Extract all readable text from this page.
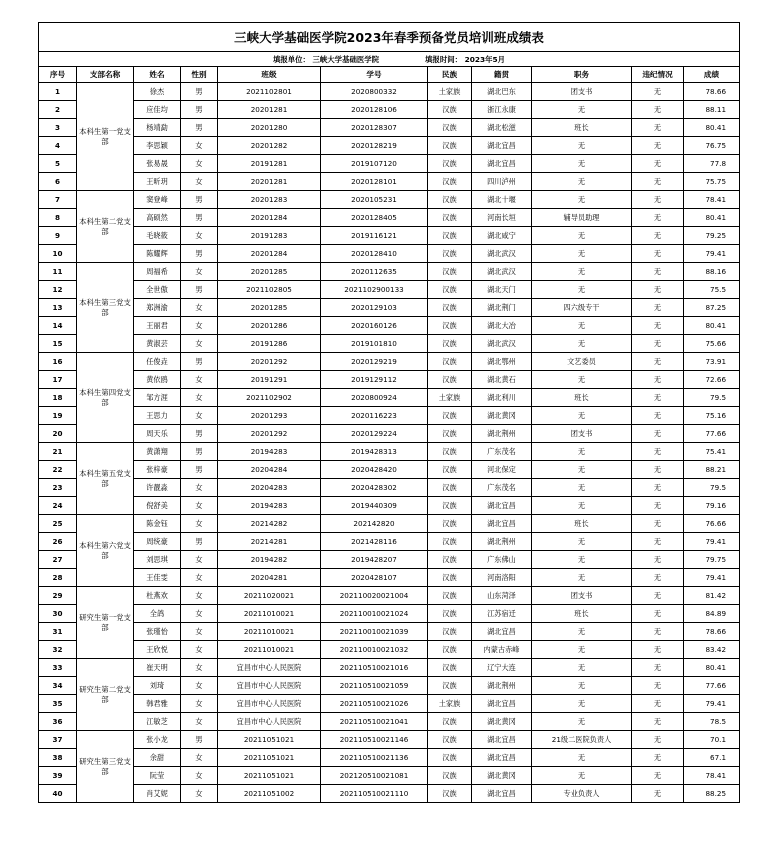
三峡大学基础医学院2023年春季预备党员培训班成绩表										
填报单位： 三峡大学基础医学院 填报时间： 2023年5月										
序号	支部名称	姓名	性别	班级	学号	民族	籍贯	职务	违纪情况	成绩
1	本科生第一党支部	徐杰	男	2021102801	2020800332	土家族	湖北巴东	团支书	无	78.66
2		应佳均	男	20201281	2020128106	汉族	浙江永康	无	无	88.11
3		杨靖勐	男	20201280	2020128307	汉族	湖北松滋	班长	无	80.41
4		李思颖	女	20201282	2020128219	汉族	湖北宜昌	无	无	76.75
5		张易晟	女	20191281	2019107120	汉族	湖北宜昌	无	无	77.8
6		王昕玥	女	20201281	2020128101	汉族	四川泸州	无	无	75.75
7	本科生第二党支部	窦登峰	男	20201283	2020105231	汉族	湖北十堰	无	无	78.41
8		高硕然	男	20201284	2020128405	汉族	河南长垣	辅导员助理	无	80.41
9		毛晓筱	女	20191283	2019116121	汉族	湖北咸宁	无	无	79.25
10		陈耀辉	男	20201284	2020128410	汉族	湖北武汉	无	无	79.41
11	本科生第三党支部	周福希	女	20201285	2020112635	汉族	湖北武汉	无	无	88.16
12		全世傲	男	2021102805	2021102900133	汉族	湖北天门	无	无	75.5
13		郑洲渝	女	20201285	2020129103	汉族	湖北荆门	四六级专干	无	87.25
14		王丽君	女	20201286	2020160126	汉族	湖北大冶	无	无	80.41
15		黄淑芸	女	20191286	2019101810	汉族	湖北武汉	无	无	75.66
16	本科生第四党支部	任俊垚	男	20201292	2020129219	汉族	湖北鄂州	文艺委员	无	73.91
17		黄依鸥	女	20191291	2019129112	汉族	湖北黄石	无	无	72.66
18		邹方涯	女	2021102902	2020800924	土家族	湖北利川	班长	无	79.5
19		王思力	女	20201293	2020116223	汉族	湖北黄冈	无	无	75.16
20		周天乐	男	20201292	2020129224	汉族	湖北荆州	团支书	无	77.66
21	本科生第五党支部	黄潇翔	男	20194283	2019428313	汉族	广东茂名	无	无	75.41
22		张梓豪	男	20204284	2020428420	汉族	河北保定	无	无	88.21
23		许靓淼	女	20204283	2020428302	汉族	广东茂名	无	无	79.5
24		倪舒美	女	20194283	2019440309	汉族	湖北宜昌	无	无	79.16
25	本科生第六党支部	陈金钰	女	20214282	202142820	汉族	湖北宜昌	班长	无	76.66
26		周统豪	男	20214281	2021428116	汉族	湖北荆州	无	无	79.41
27		刘思琪	女	20194282	2019428207	汉族	广东佛山	无	无	79.75
28		王佳雯	女	20204281	2020428107	汉族	河南洛阳	无	无	79.41
29	研究生第一党支部	杜燕欢	女	20211020021	202110020021004	汉族	山东菏泽	团支书	无	81.42
30		全鸽	女	20211010021	202110010021024	汉族	江苏宿迁	班长	无	84.89
31		张瑾怡	女	20211010021	202110010021039	汉族	湖北宜昌	无	无	78.66
32		王欣悦	女	20211010021	202110010021032	汉族	内蒙古赤峰	无	无	83.42
33	研究生第二党支部	崔天明	女	宜昌市中心人民医院	202110510021016	汉族	辽宁大连	无	无	80.41
34		刘琦	女	宜昌市中心人民医院	202110510021059	汉族	湖北荆州	无	无	77.66
35		韩君雅	女	宜昌市中心人民医院	202110510021026	土家族	湖北宜昌	无	无	79.41
36		江敏芝	女	宜昌市中心人民医院	202110510021041	汉族	湖北黄冈	无	无	78.5
37	研究生第三党支部	张小龙	男	20211051021	202110510021146	汉族	湖北宜昌	21级二医院负责人	无	70.1
38		余甜	女	20211051021	202110510021136	汉族	湖北宜昌	无	无	67.1
39		阮莹	女	20211051021	202120510021081	汉族	湖北黄冈	无	无	78.41
40		肖艾妮	女	20211051002	202110510021110	汉族	湖北宜昌	专业负责人	无	88.25
